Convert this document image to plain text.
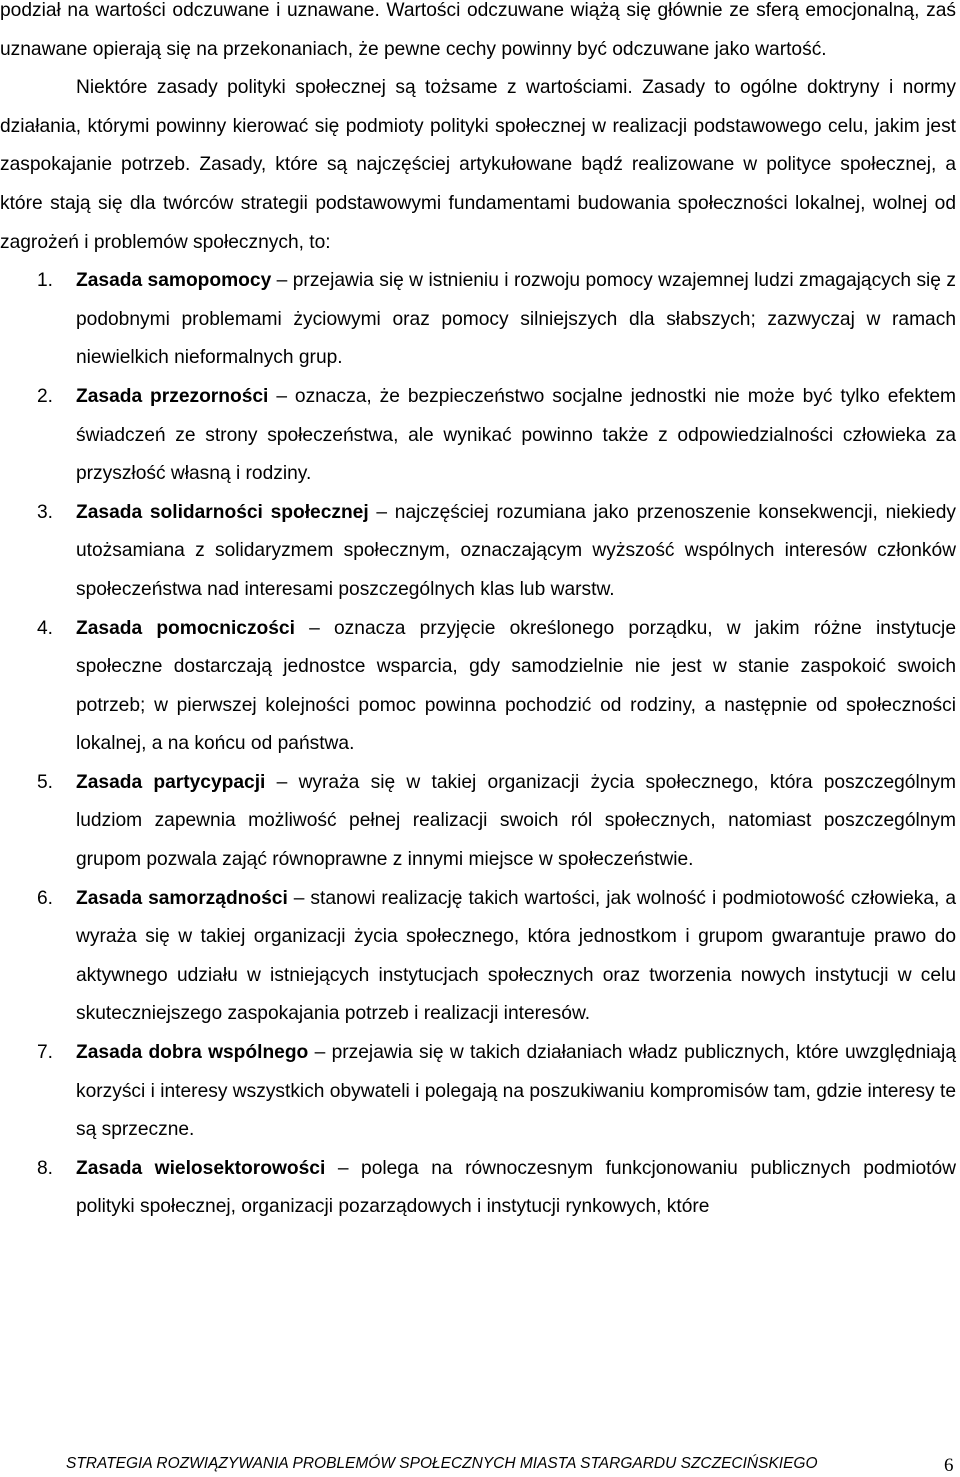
podział na wartości odczuwane i uznawane. Wartości odczuwane wiążą się głównie ze sferą emocjonalną, zaś uznawane opierają się na przekonaniach, że pewne cechy powinny być odczuwane jako wartość.

Niektóre zasady polityki społecznej są tożsame z wartościami. Zasady to ogólne doktryny i normy działania, którymi powinny kierować się podmioty polityki społecznej w realizacji podstawowego celu, jakim jest zaspokajanie potrzeb. Zasady, które są najczęściej artykułowane bądź realizowane w polityce społecznej, a które stają się dla twórców strategii podstawowymi fundamentami budowania społeczności lokalnej, wolnej od zagrożeń i problemów społecznych, to:

1. Zasada samopomocy – przejawia się w istnieniu i rozwoju pomocy wzajemnej ludzi zmagających się z podobnymi problemami życiowymi oraz pomocy silniejszych dla słabszych; zazwyczaj w ramach niewielkich nieformalnych grup.
2. Zasada przezorności – oznacza, że bezpieczeństwo socjalne jednostki nie może być tylko efektem świadczeń ze strony społeczeństwa, ale wynikać powinno także z odpowiedzialności człowieka za przyszłość własną i rodziny.
3. Zasada solidarności społecznej – najczęściej rozumiana jako przenoszenie konsekwencji, niekiedy utożsamiana z solidaryzmem społecznym, oznaczającym wyższość wspólnych interesów członków społeczeństwa nad interesami poszczególnych klas lub warstw.
4. Zasada pomocniczości – oznacza przyjęcie określonego porządku, w jakim różne instytucje społeczne dostarczają jednostce wsparcia, gdy samodzielnie nie jest w stanie zaspokoić swoich potrzeb; w pierwszej kolejności pomoc powinna pochodzić od rodziny, a następnie od społeczności lokalnej, a na końcu od państwa.
5. Zasada partycypacji – wyraża się w takiej organizacji życia społecznego, która poszczególnym ludziom zapewnia możliwość pełnej realizacji swoich ról społecznych, natomiast poszczególnym grupom pozwala zająć równoprawne z innymi miejsce w społeczeństwie.
6. Zasada samorządności – stanowi realizację takich wartości, jak wolność i podmiotowość człowieka, a wyraża się w takiej organizacji życia społecznego, która jednostkom i grupom gwarantuje prawo do aktywnego udziału w istniejących instytucjach społecznych oraz tworzenia nowych instytucji w celu skuteczniejszego zaspokajania potrzeb i realizacji interesów.
7. Zasada dobra wspólnego – przejawia się w takich działaniach władz publicznych, które uwzględniają korzyści i interesy wszystkich obywateli i polegają na poszukiwaniu kompromisów tam, gdzie interesy te są sprzeczne.
8. Zasada wielosektorowości – polega na równoczesnym funkcjonowaniu publicznych podmiotów polityki społecznej, organizacji pozarządowych i instytucji rynkowych, które
STRATEGIA ROZWIĄZYWANIA PROBLEMÓW SPOŁECZNYCH MIASTA STARGARDU SZCZECIŃSKIEGO	6
